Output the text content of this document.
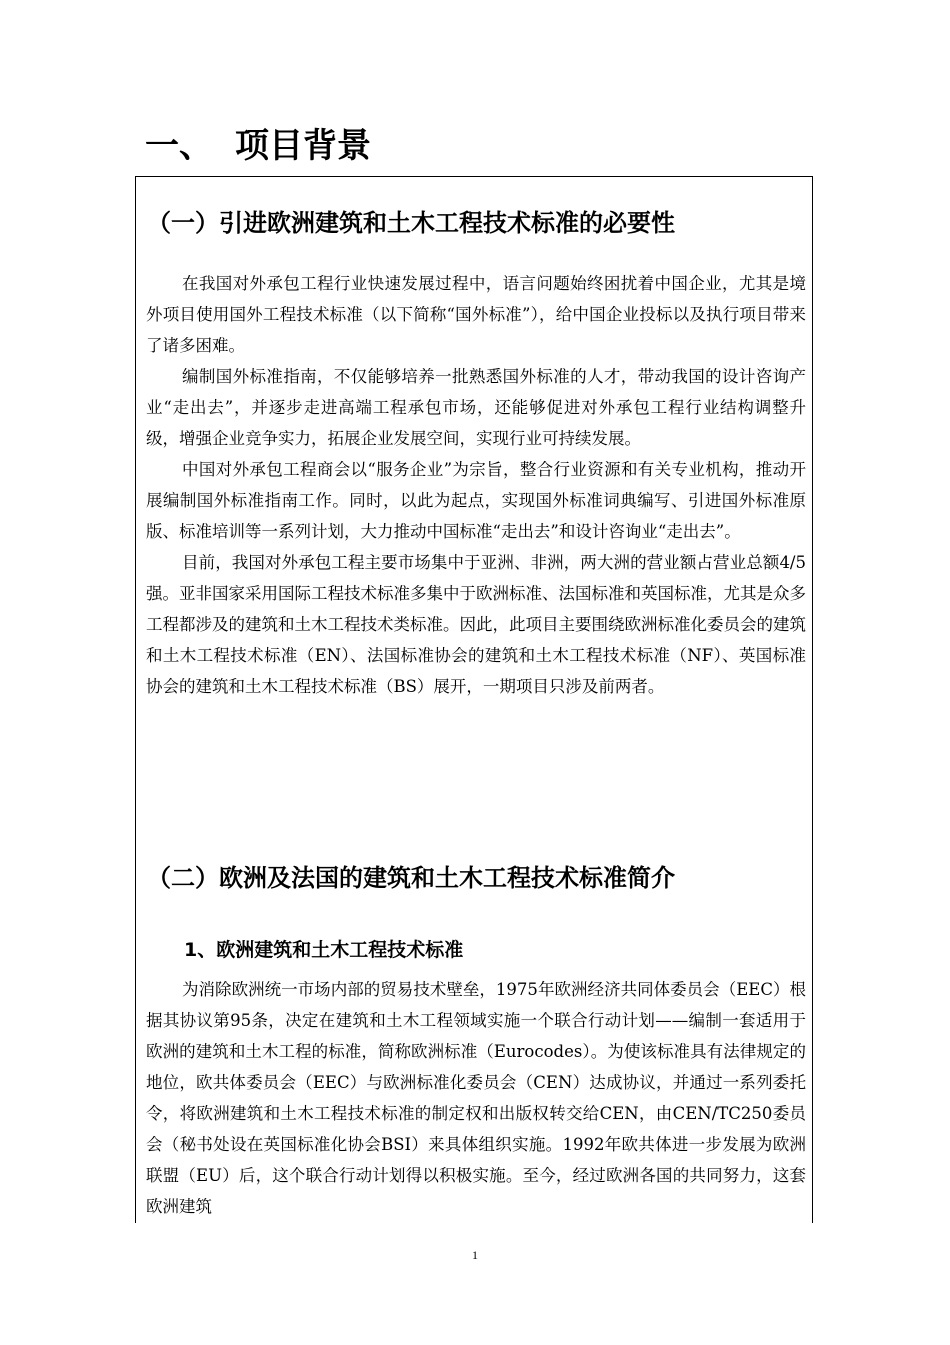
一、 项目背景
（一）引进欧洲建筑和土木工程技术标准的必要性

在我国对外承包工程行业快速发展过程中，语言问题始终困扰着中国企业，尤其是境外项目使用国外工程技术标准（以下简称“国外标准”），给中国企业投标以及执行项目带来了诸多困难。

编制国外标准指南，不仅能够培养一批熟悉国外标准的人才，带动我国的设计咨询产业“走出去”，并逐步走进高端工程承包市场，还能够促进对外承包工程行业结构调整升级，增强企业竞争实力，拓展企业发展空间，实现行业可持续发展。

中国对外承包工程商会以“服务企业”为宗旨，整合行业资源和有关专业机构，推动开展编制国外标准指南工作。同时，以此为起点，实现国外标准词典编写、引进国外标准原版、标准培训等一系列计划，大力推动中国标准“走出去”和设计咨询业“走出去”。

目前，我国对外承包工程主要市场集中于亚洲、非洲，两大洲的营业额占营业总额4/5强。亚非国家采用国际工程技术标准多集中于欧洲标准、法国标准和英国标准，尤其是众多工程都涉及的建筑和土木工程技术类标准。因此，此项目主要围绕欧洲标准化委员会的建筑和土木工程技术标准（EN）、法国标准协会的建筑和土木工程技术标准（NF）、英国标准协会的建筑和土木工程技术标准（BS）展开，一期项目只涉及前两者。

（二）欧洲及法国的建筑和土木工程技术标准简介
1、欧洲建筑和土木工程技术标准

为消除欧洲统一市场内部的贸易技术壁垒，1975年欧洲经济共同体委员会（EEC）根据其协议第95条，决定在建筑和土木工程领域实施一个联合行动计划——编制一套适用于欧洲的建筑和土木工程的标准，简称欧洲标准（Eurocodes）。为使该标准具有法律规定的地位，欧共体委员会（EEC）与欧洲标准化委员会（CEN）达成协议，并通过一系列委托令，将欧洲建筑和土木工程技术标准的制定权和出版权转交给CEN，由CEN/TC250委员会（秘书处设在英国标准化协会BSI）来具体组织实施。1992年欧共体进一步发展为欧洲联盟（EU）后，这个联合行动计划得以积极实施。至今，经过欧洲各国的共同努力，这套欧洲建筑

1
